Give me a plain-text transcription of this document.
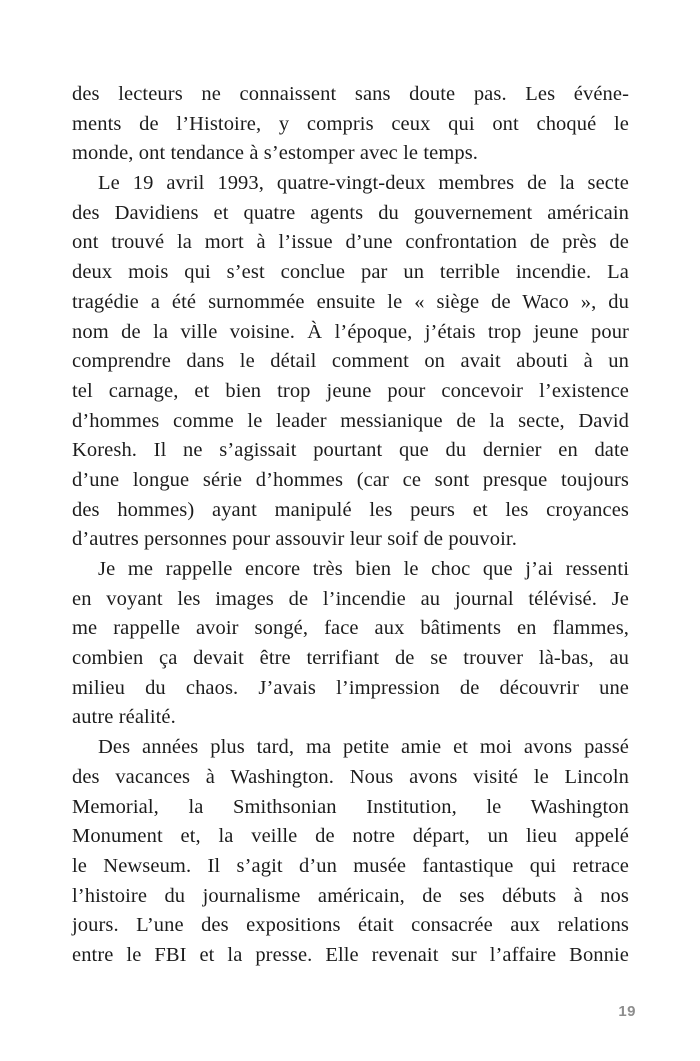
des lecteurs ne connaissent sans doute pas. Les événe-
ments de l’Histoire, y compris ceux qui ont choqué le
monde, ont tendance à s’estomper avec le temps.
Le 19 avril 1993, quatre-vingt-deux membres de la secte
des Davidiens et quatre agents du gouvernement américain
ont trouvé la mort à l’issue d’une confrontation de près de
deux mois qui s’est conclue par un terrible incendie. La
tragédie a été surnommée ensuite le « siège de Waco », du
nom de la ville voisine. À l’époque, j’étais trop jeune pour
comprendre dans le détail comment on avait abouti à un
tel carnage, et bien trop jeune pour concevoir l’existence
d’hommes comme le leader messianique de la secte, David
Koresh. Il ne s’agissait pourtant que du dernier en date
d’une longue série d’hommes (car ce sont presque toujours
des hommes) ayant manipulé les peurs et les croyances
d’autres personnes pour assouvir leur soif de pouvoir.
Je me rappelle encore très bien le choc que j’ai ressenti
en voyant les images de l’incendie au journal télévisé. Je
me rappelle avoir songé, face aux bâtiments en flammes,
combien ça devait être terrifiant de se trouver là-bas, au
milieu du chaos. J’avais l’impression de découvrir une
autre réalité.
Des années plus tard, ma petite amie et moi avons passé
des vacances à Washington. Nous avons visité le Lincoln
Memorial, la Smithsonian Institution, le Washington
Monument et, la veille de notre départ, un lieu appelé
le Newseum. Il s’agit d’un musée fantastique qui retrace
l’histoire du journalisme américain, de ses débuts à nos
jours. L’une des expositions était consacrée aux relations
entre le FBI et la presse. Elle revenait sur l’affaire Bonnie
19
